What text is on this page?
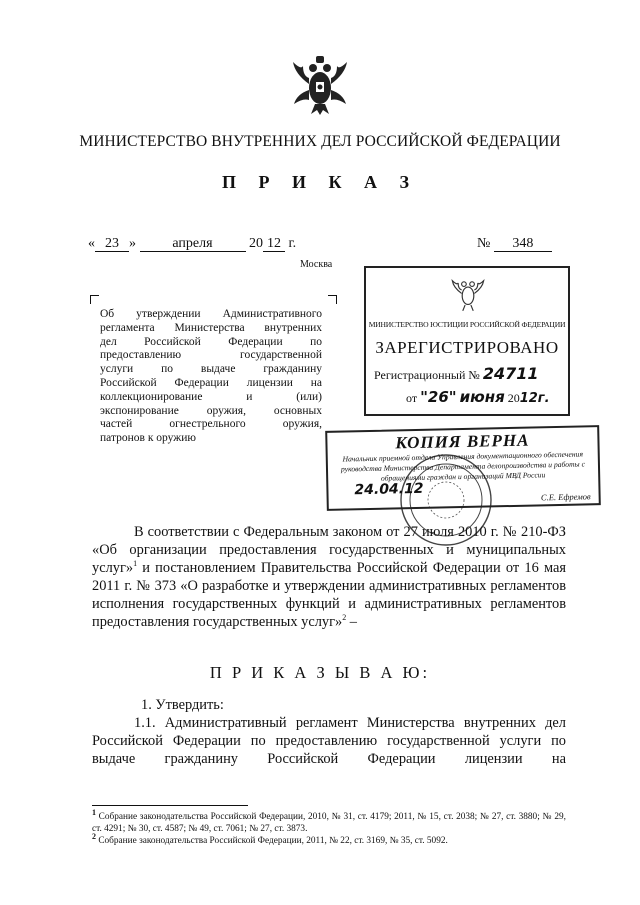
МИНИСТЕРСТВО ВНУТРЕННИХ ДЕЛ РОССИЙСКОЙ ФЕДЕРАЦИИ
П Р И К А З
« 23 »	апреля	20 12 г.	№ 348
Москва
Об утверждении Административного
регламента Министерства внутренних
дел Российской Федерации по
предоставлению государственной
услуги по выдаче гражданину
Российской Федерации лицензии на
коллекционирование и (или)
экспонирование оружия, основных
частей огнестрельного оружия,
патронов к оружию
МИНИСТЕРСТВО ЮСТИЦИИ РОССИЙСКОЙ ФЕДЕРАЦИИ
ЗАРЕГИСТРИРОВАНО
Регистрационный № 24711
от "26" июня 2012г.
КОПИЯ ВЕРНА
Начальник приемной отдела Управления документационного обеспечения руководства Министерства Департамента делопроизводства и работы с обращениями граждан и организаций МВД России
24.04.12	С.Е. Ефремов
В соответствии с Федеральным законом от 27 июля 2010 г. № 210-ФЗ «Об организации предоставления государственных и муниципальных услуг»$^1$ и постановлением Правительства Российской Федерации от 16 мая 2011 г. № 373 «О разработке и утверждении административных регламентов исполнения государственных функций и административных регламентов предоставления государственных услуг»$^2$ –
П Р И К А З Ы В А Ю:
1. Утвердить:
1.1. Административный регламент Министерства внутренних дел Российской Федерации по предоставлению государственной услуги по выдаче гражданину Российской Федерации лицензии на
$^1$ Собрание законодательства Российской Федерации, 2010, № 31, ст. 4179; 2011, № 15, ст. 2038; № 27, ст. 3880; № 29, ст. 4291; № 30, ст. 4587; № 49, ст. 7061; № 27, ст. 3873.
$^2$ Собрание законодательства Российской Федерации, 2011, № 22, ст. 3169, № 35, ст. 5092.
